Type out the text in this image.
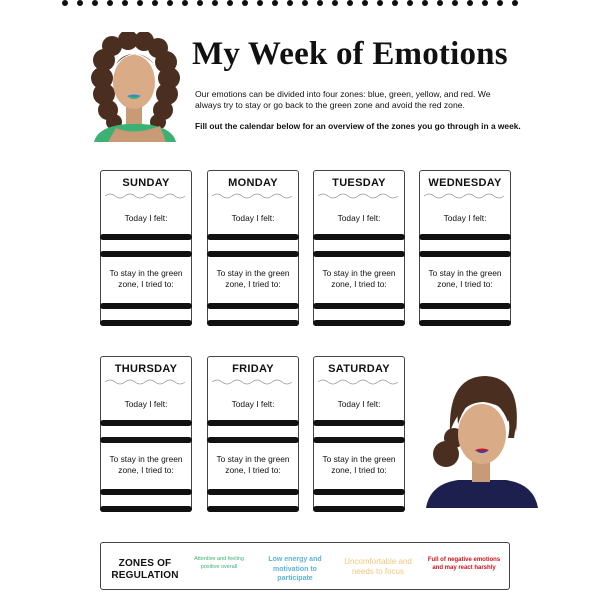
My Week of Emotions
Our emotions can be divided into four zones: blue, green, yellow, and red. We always try to stay or go back to the green zone and avoid the red zone.
Fill out the calendar below for an overview of the zones you go through in a week.
SUNDAY
Today I felt:
To stay in the green zone, I tried to:
MONDAY
Today I felt:
To stay in the green zone, I tried to:
TUESDAY
Today I felt:
To stay in the green zone, I tried to:
WEDNESDAY
Today I felt:
To stay in the green zone, I tried to:
THURSDAY
Today I felt:
To stay in the green zone, I tried to:
FRIDAY
Today I felt:
To stay in the green zone, I tried to:
SATURDAY
Today I felt:
To stay in the green zone, I tried to:
ZONES OF REGULATION
Attentive and feeling positive overall
Low energy and motivation to participate
Uncomfortable and needs to focus
Full of negative emotions and may react harshly
